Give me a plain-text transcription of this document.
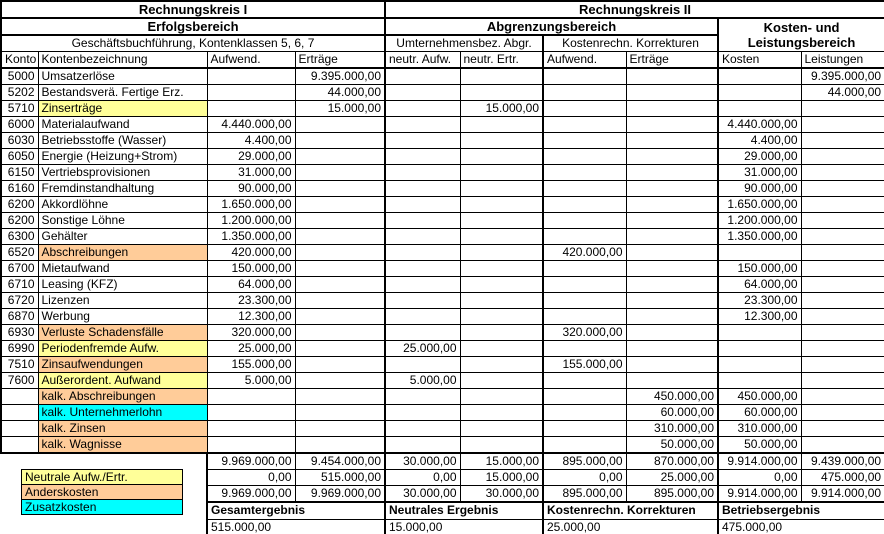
Rechnungskreis I				Rechnungskreis II					
Erfolgsbereich				Abgrenzungsbereich				Kosten- und
Leistungsbereich	
Geschäftsbuchführung, Kontenklassen 5, 6, 7				Umternehmensbez. Abgr.		Kostenrechn. Korrekturen			
Konto	Kontenbezeichnung	Aufwend.	Erträge	neutr. Aufw.	neutr. Ertr.	Aufwend.	Erträge	Kosten	Leistungen
5000	Umsatzerlöse		9.395.000,00						9.395.000,00
5202	Bestandsverä. Fertige Erz.		44.000,00						44.000,00
5710	Zinserträge		15.000,00		15.000,00				
6000	Materialaufwand	4.440.000,00						4.440.000,00	
6030	Betriebsstoffe (Wasser)	4.400,00						4.400,00	
6050	Energie (Heizung+Strom)	29.000,00						29.000,00	
6150	Vertriebsprovisionen	31.000,00						31.000,00	
6160	Fremdinstandhaltung	90.000,00						90.000,00	
6200	Akkordlöhne	1.650.000,00						1.650.000,00	
6200	Sonstige Löhne	1.200.000,00						1.200.000,00	
6300	Gehälter	1.350.000,00						1.350.000,00	
6520	Abschreibungen	420.000,00				420.000,00			
6700	Mietaufwand	150.000,00						150.000,00	
6710	Leasing (KFZ)	64.000,00						64.000,00	
6720	Lizenzen	23.300,00						23.300,00	
6870	Werbung	12.300,00						12.300,00	
6930	Verluste Schadensfälle	320.000,00				320.000,00			
6990	Periodenfremde Aufw.	25.000,00		25.000,00					
7510	Zinsaufwendungen	155.000,00				155.000,00			
7600	Außerordent. Aufwand	5.000,00		5.000,00					
	kalk. Abschreibungen						450.000,00	450.000,00	
	kalk. Unternehmerlohn						60.000,00	60.000,00	
	kalk. Zinsen						310.000,00	310.000,00	
	kalk. Wagnisse						50.000,00	50.000,00	
		9.969.000,00	9.454.000,00	30.000,00	15.000,00	895.000,00	870.000,00	9.914.000,00	9.439.000,00
		0,00	515.000,00	0,00	15.000,00	0,00	25.000,00	0,00	475.000,00
		9.969.000,00	9.969.000,00	30.000,00	30.000,00	895.000,00	895.000,00	9.914.000,00	9.914.000,00
		Gesamtergebnis		Neutrales Ergebnis		Kostenrechn. Korrekturen		Betriebsergebnis	
		515.000,00		15.000,00		25.000,00		475.000,00	
Neutrale Aufw./Ertr.
Anderskosten
Zusatzkosten
